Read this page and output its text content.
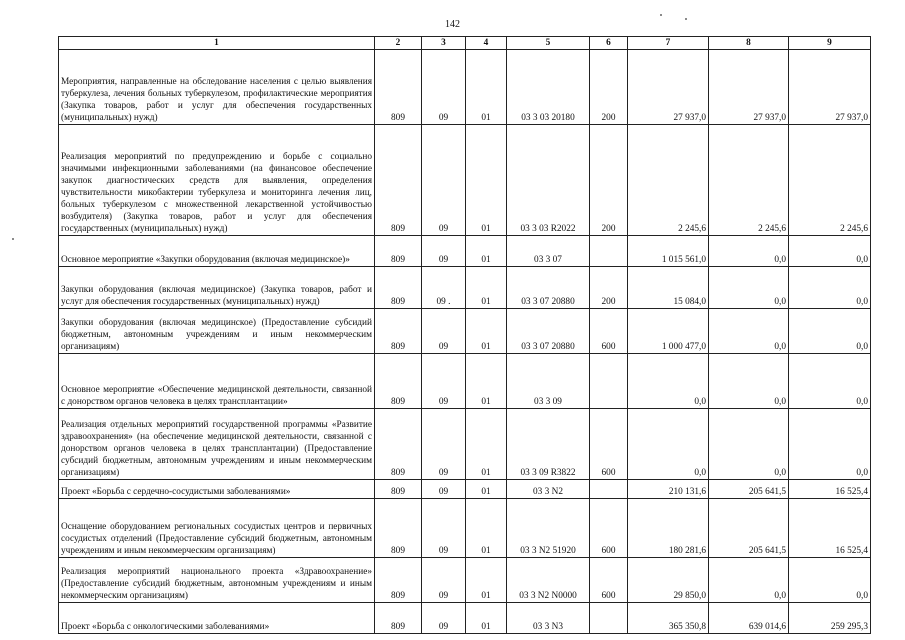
142
1	2	3	4	5	6	7	8	9
Мероприятия, направленные на обследование населения с целью выявления туберкулеза, лечения больных туберкулезом, профилактические мероприятия (Закупка товаров, работ и услуг для обеспечения государственных (муниципальных) нужд)	809	09	01	03 3 03 20180	200	27 937,0	27 937,0	27 937,0
Реализация мероприятий по предупреждению и борьбе с социально значимыми инфекционными заболеваниями (на финансовое обеспечение закупок диагностических средств для выявления, определения чувствительности микобактерии туберкулеза и мониторинга лечения лиц, больных туберкулезом с множественной лекарственной устойчивостью возбудителя) (Закупка товаров, работ и услуг для обеспечения государственных (муниципальных) нужд)	809	09	01	03 3 03 R2022	200	2 245,6	2 245,6	2 245,6
Основное мероприятие «Закупки оборудования (включая медицинское)»	809	09	01	03 3 07		1 015 561,0	0,0	0,0
Закупки оборудования (включая медицинское) (Закупка товаров, работ и услуг для обеспечения государственных (муниципальных) нужд)	809	09 .	01	03 3 07 20880	200	15 084,0	0,0	0,0
Закупки оборудования (включая медицинское) (Предоставление субсидий бюджетным, автономным учреждениям и иным некоммерческим организациям)	809	09	01	03 3 07 20880	600	1 000 477,0	0,0	0,0
Основное мероприятие «Обеспечение медицинской деятельности, связанной с донорством органов человека в целях трансплантации»	809	09	01	03 3 09		0,0	0,0	0,0
Реализация отдельных мероприятий государственной программы «Развитие здравоохранения» (на обеспечение медицинской деятельности, связанной с донорством органов человека в целях трансплантации) (Предоставление субсидий бюджетным, автономным учреждениям и иным некоммерческим организациям)	809	09	01	03 3 09 R3822	600	0,0	0,0	0,0
Проект «Борьба с сердечно-сосудистыми заболеваниями»	809	09	01	03 3 N2		210 131,6	205 641,5	16 525,4
Оснащение оборудованием региональных сосудистых центров и первичных сосудистых отделений (Предоставление субсидий бюджетным, автономным учреждениям и иным некоммерческим организациям)	809	09	01	03 3 N2 51920	600	180 281,6	205 641,5	16 525,4
Реализация мероприятий национального проекта «Здравоохранение» (Предоставление субсидий бюджетным, автономным учреждениям и иным некоммерческим организациям)	809	09	01	03 3 N2 N0000	600	29 850,0	0,0	0,0
Проект «Борьба с онкологическими заболеваниями»	809	09	01	03 3 N3		365 350,8	639 014,6	259 295,3
